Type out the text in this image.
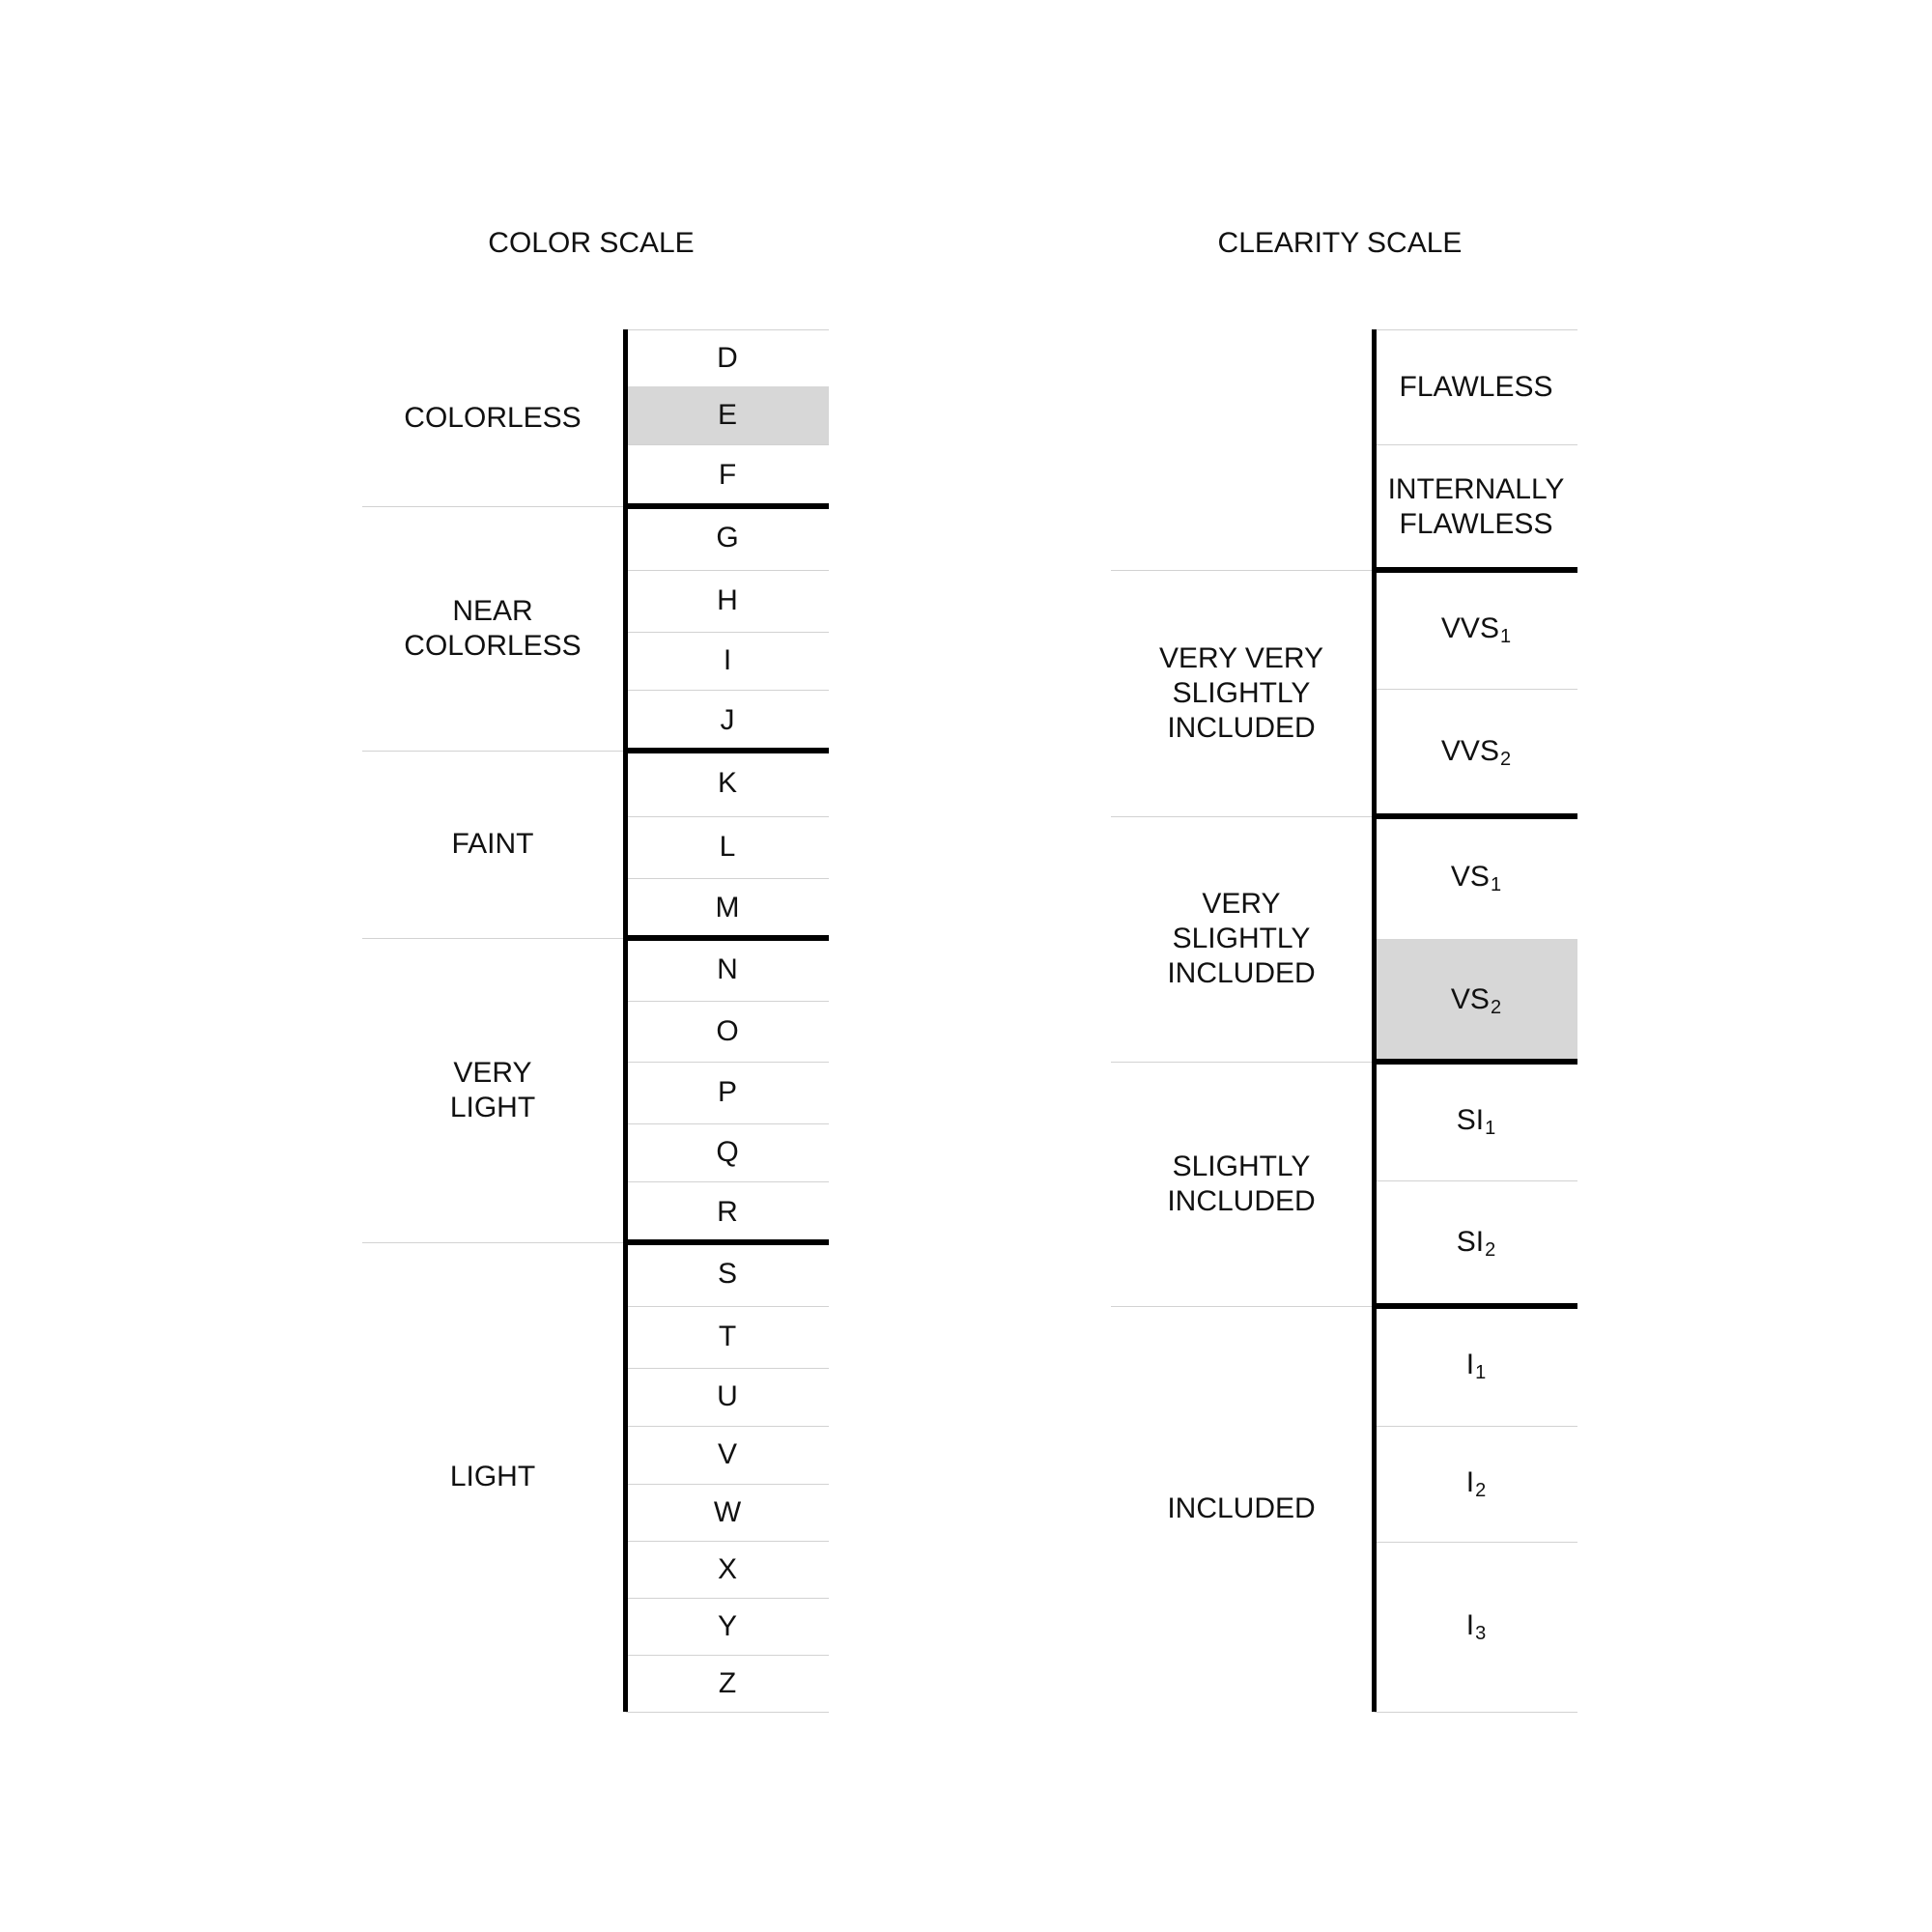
COLOR SCALE
COLORLESS
D
E
F
NEAR
COLORLESS
G
H
I
J
FAINT
K
L
M
VERY
LIGHT
N
O
P
Q
R
LIGHT
S
T
U
V
W
X
Y
Z
CLEARITY SCALE
FLAWLESS
INTERNALLY
FLAWLESS
VERY VERY
SLIGHTLY
INCLUDED
$VVS_1$
$VVS_2$
VERY
SLIGHTLY
INCLUDED
$VS_1$
$VS_2$
SLIGHTLY
INCLUDED
$SI_1$
$SI_2$
INCLUDED
$I_1$
$I_2$
$I_3$
